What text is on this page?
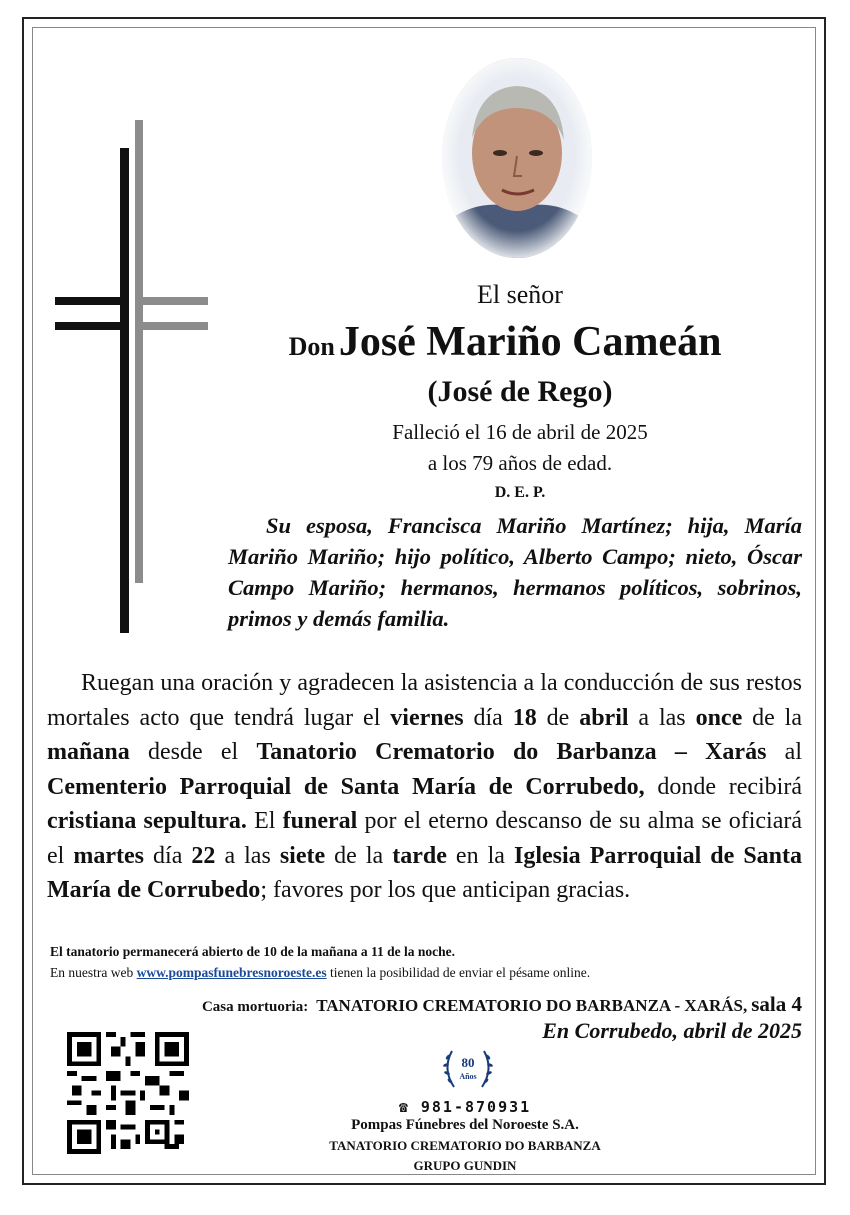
El señor
Don José Mariño Cameán
(José de Rego)
Falleció el 16 de abril de 2025
a los 79 años de edad.
D. E. P.
Su esposa, Francisca Mariño Martínez; hija, María Mariño Mariño; hijo político, Alberto Campo; nieto, Óscar Campo Mariño; hermanos, hermanos políticos, sobrinos, primos y demás familia.
Ruegan una oración y agradecen la asistencia a la conducción de sus restos mortales acto que tendrá lugar el viernes día 18 de abril a las once de la mañana desde el Tanatorio Crematorio do Barbanza – Xarás al Cementerio Parroquial de Santa María de Corrubedo, donde recibirá cristiana sepultura. El funeral por el eterno descanso de su alma se oficiará el martes día 22 a las siete de la tarde en la Iglesia Parroquial de Santa María de Corrubedo; favores por los que anticipan gracias.
El tanatorio permanecerá abierto de 10 de la mañana a 11 de la noche.
En nuestra web www.pompasfunebresnoroeste.es tienen la posibilidad de enviar el pésame online.
Casa mortuoria: TANATORIO CREMATORIO DO BARBANZA - XARÁS, sala 4
En Corrubedo, abril de 2025
80
Años
☎ 981-870931
Pompas Fúnebres del Noroeste S.A.
TANATORIO CREMATORIO DO BARBANZA
GRUPO GUNDIN
